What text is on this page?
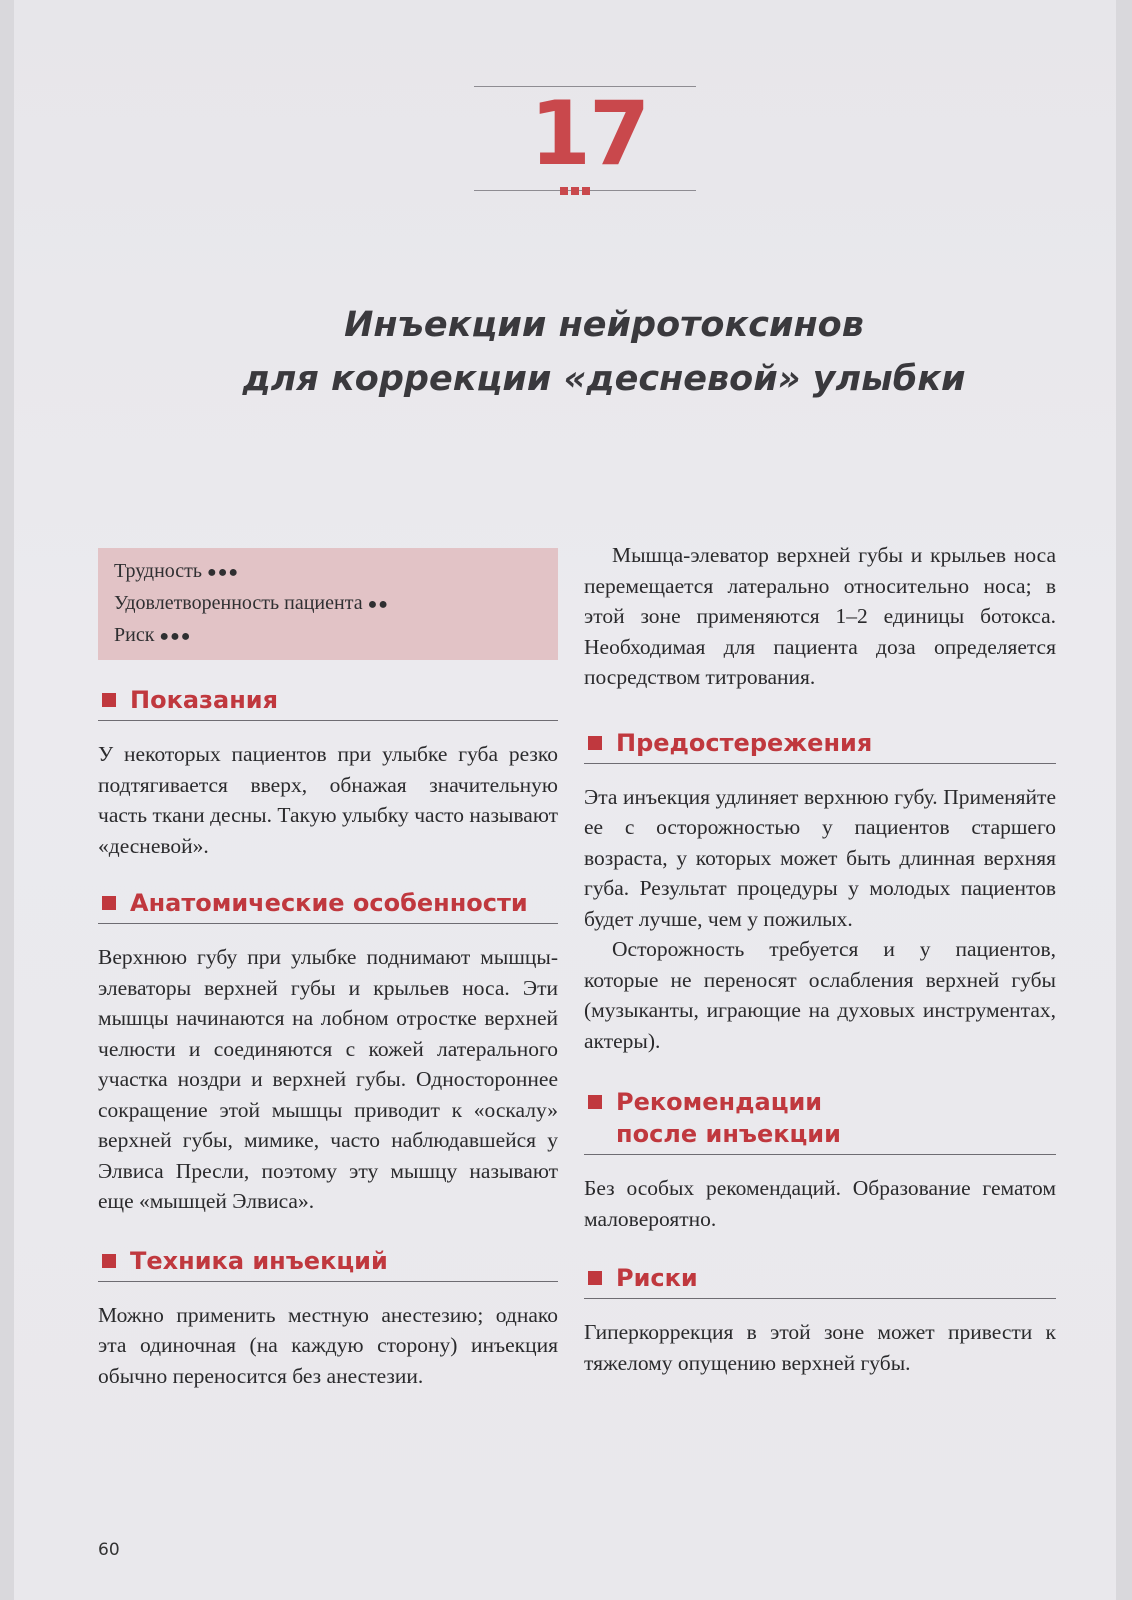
17
Инъекции нейротоксинов
для коррекции «десневой» улыбки
Трудность ●●●
Удовлетворенность пациента ●●
Риск ●●●
Показания

У некоторых пациентов при улыбке губа резко подтягивается вверх, обнажая значительную часть ткани десны. Такую улыбку часто называют «десневой».

Анатомические особенности

Верхнюю губу при улыбке поднимают мышцы-элеваторы верхней губы и крыльев носа. Эти мышцы начинаются на лобном отростке верхней челюсти и соединяются с кожей латерального участка ноздри и верхней губы. Одностороннее сокращение этой мышцы приводит к «оскалу» верхней губы, мимике, часто наблюдавшейся у Элвиса Пресли, поэтому эту мышцу называют еще «мышцей Элвиса».

Техника инъекций

Можно применить местную анестезию; однако эта одиночная (на каждую сторону) инъекция обычно переносится без анестезии.

Мышца-элеватор верхней губы и крыльев носа перемещается латерально относительно носа; в этой зоне применяются 1–2 единицы ботокса. Необходимая для пациента доза определяется посредством титрования.

Предостережения

Эта инъекция удлиняет верхнюю губу. Применяйте ее с осторожностью у пациентов старшего возраста, у которых может быть длинная верхняя губа. Результат процедуры у молодых пациентов будет лучше, чем у пожилых.

Осторожность требуется и у пациентов, которые не переносят ослабления верхней губы (музыканты, играющие на духовых инструментах, актеры).

Рекомендации
после инъекции

Без особых рекомендаций. Образование гематом маловероятно.

Риски

Гиперкоррекция в этой зоне может привести к тяжелому опущению верхней губы.

60
